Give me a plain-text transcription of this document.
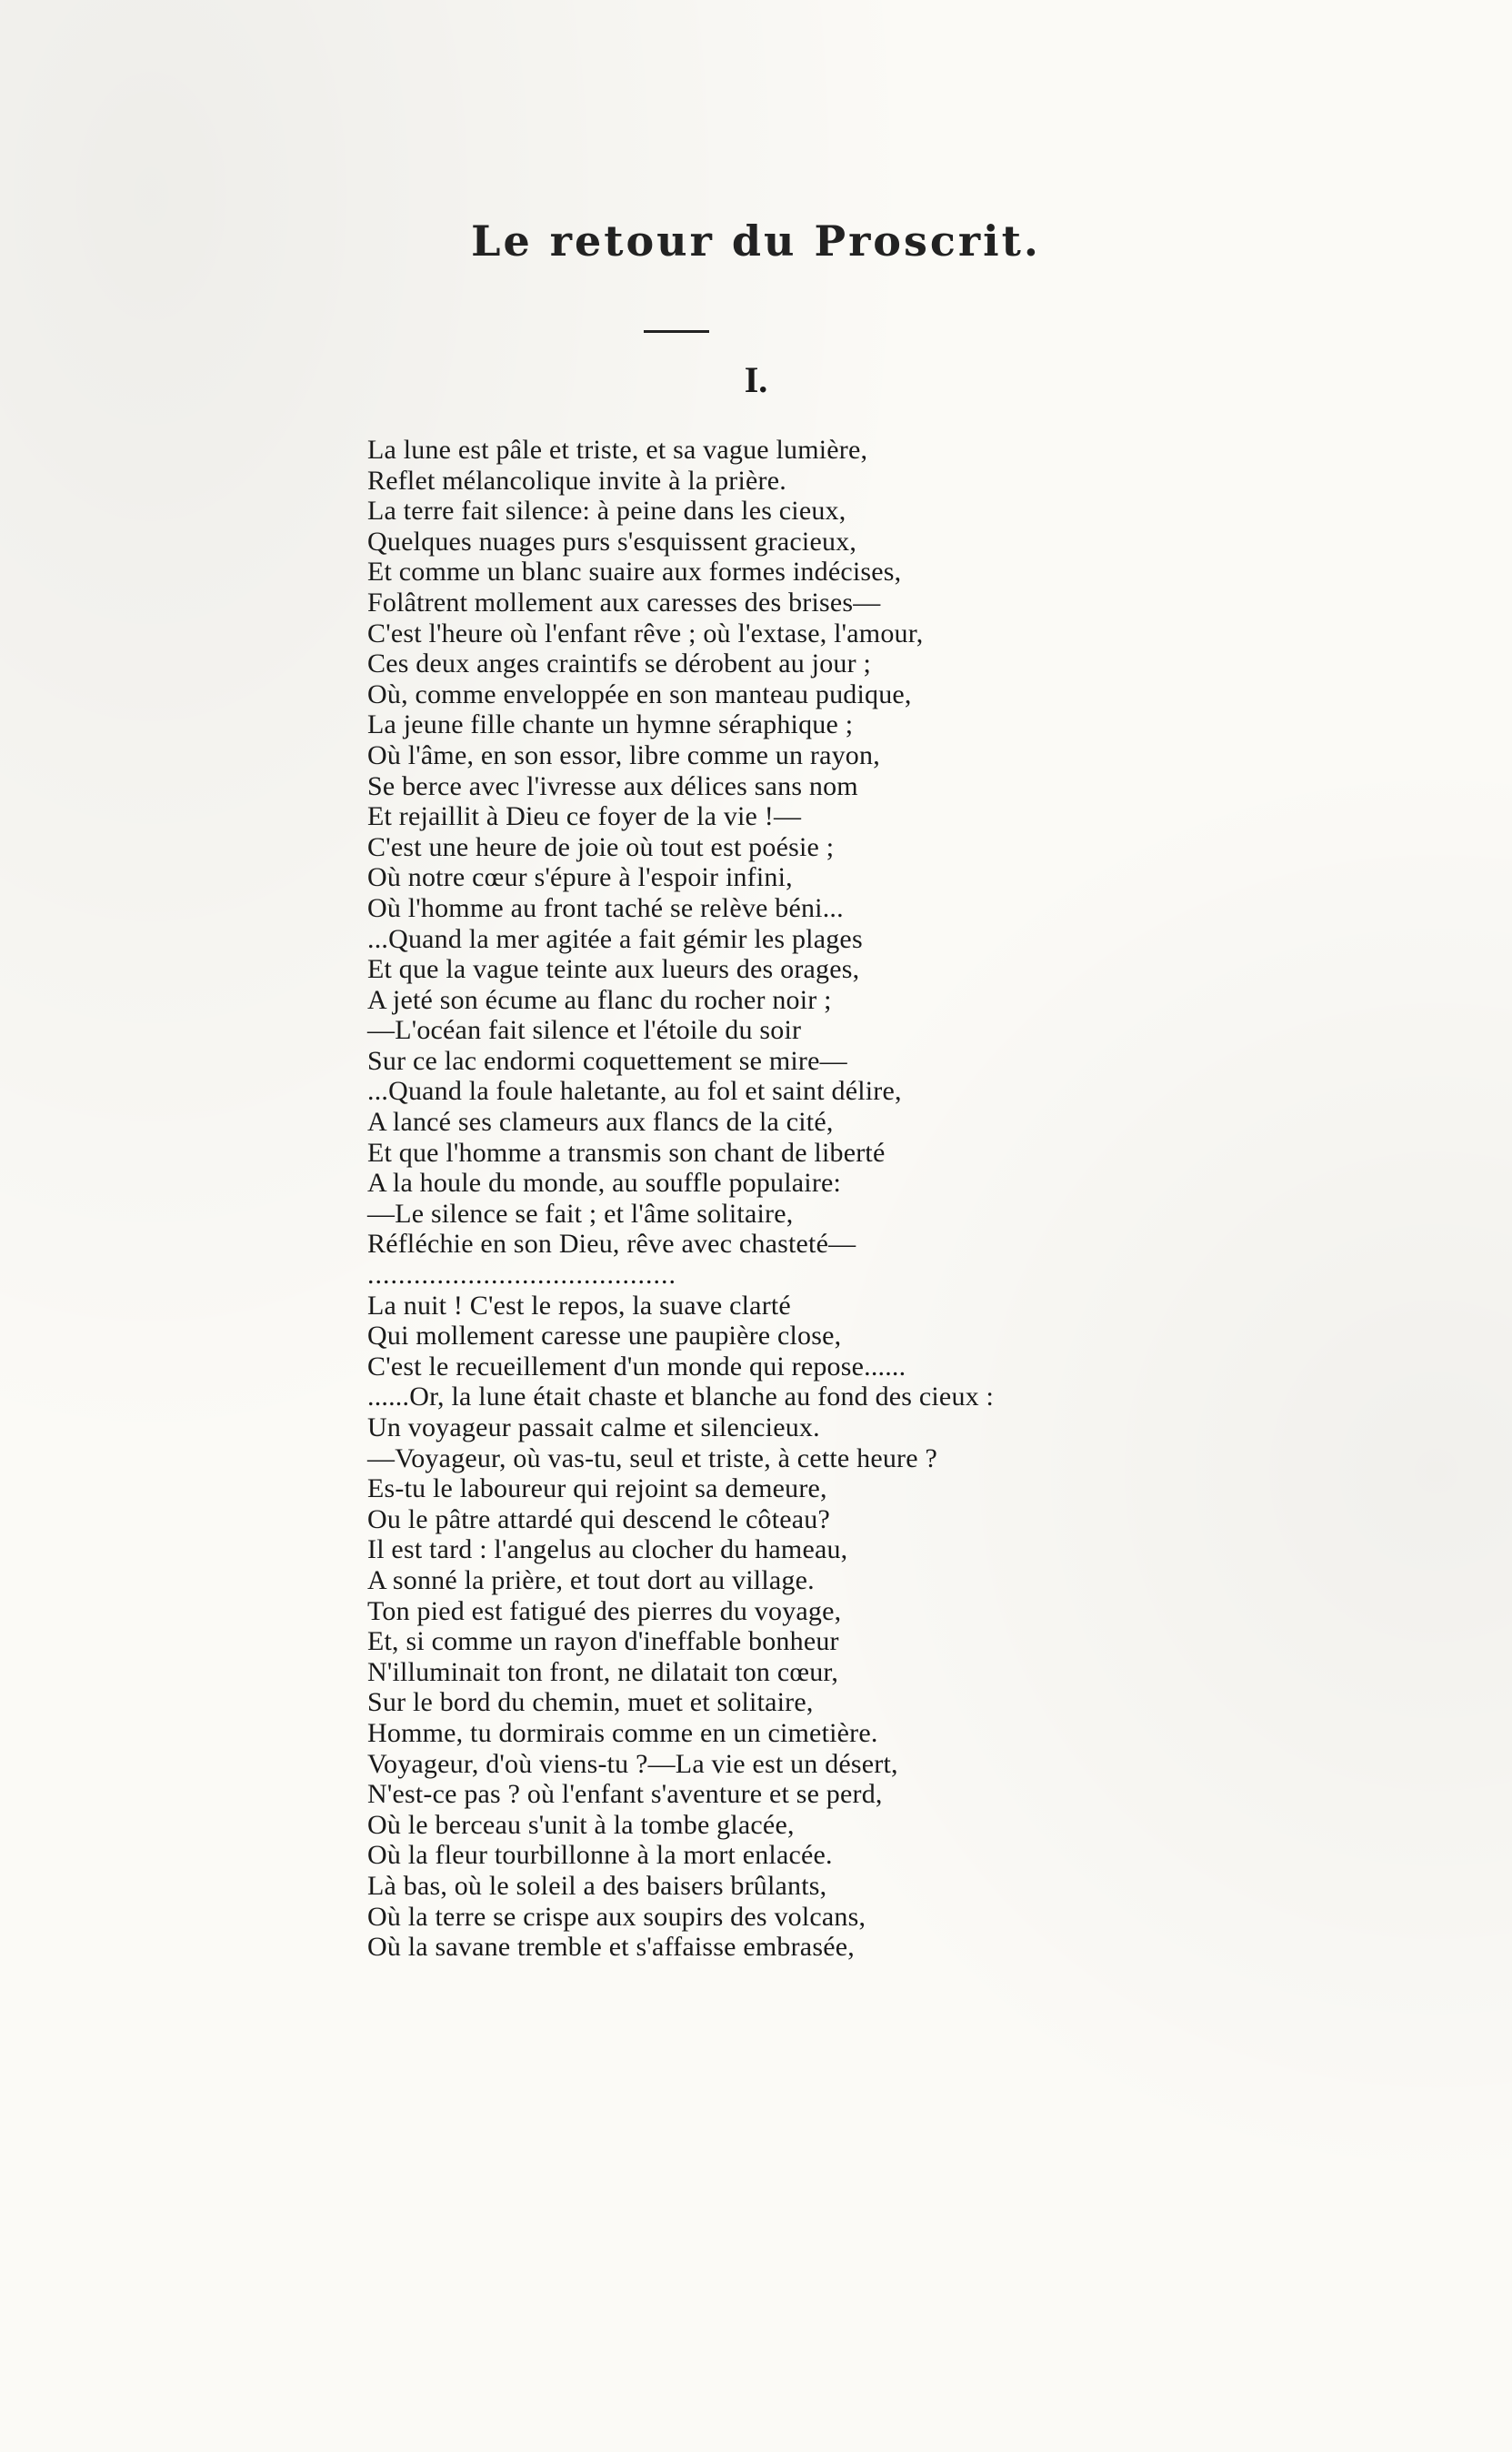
Le retour du Proscrit.
I.
La lune est pâle et triste, et sa vague lumière,
Reflet mélancolique invite à la prière.
La terre fait silence: à peine dans les cieux,
Quelques nuages purs s'esquissent gracieux,
Et comme un blanc suaire aux formes indécises,
Folâtrent mollement aux caresses des brises—
C'est l'heure où l'enfant rêve ; où l'extase, l'amour,
Ces deux anges craintifs se dérobent au jour ;
Où, comme enveloppée en son manteau pudique,
La jeune fille chante un hymne séraphique ;
Où l'âme, en son essor, libre comme un rayon,
Se berce avec l'ivresse aux délices sans nom
Et rejaillit à Dieu ce foyer de la vie !—
C'est une heure de joie où tout est poésie ;
Où notre cœur s'épure à l'espoir infini,
Où l'homme au front taché se relève béni...
...Quand la mer agitée a fait gémir les plages
Et que la vague teinte aux lueurs des orages,
A jeté son écume au flanc du rocher noir ;
—L'océan fait silence et l'étoile du soir
Sur ce lac endormi coquettement se mire—
...Quand la foule haletante, au fol et saint délire,
A lancé ses clameurs aux flancs de la cité,
Et que l'homme a transmis son chant de liberté
A la houle du monde, au souffle populaire:
—Le silence se fait ; et l'âme solitaire,
Réfléchie en son Dieu, rêve avec chasteté—
........................................
La nuit ! C'est le repos, la suave clarté
Qui mollement caresse une paupière close,
C'est le recueillement d'un monde qui repose......
......Or, la lune était chaste et blanche au fond des cieux :
Un voyageur passait calme et silencieux.
—Voyageur, où vas-tu, seul et triste, à cette heure ?
Es-tu le laboureur qui rejoint sa demeure,
Ou le pâtre attardé qui descend le côteau?
Il est tard : l'angelus au clocher du hameau,
A sonné la prière, et tout dort au village.
Ton pied est fatigué des pierres du voyage,
Et, si comme un rayon d'ineffable bonheur
N'illuminait ton front, ne dilatait ton cœur,
Sur le bord du chemin, muet et solitaire,
Homme, tu dormirais comme en un cimetière.
Voyageur, d'où viens-tu ?—La vie est un désert,
N'est-ce pas ? où l'enfant s'aventure et se perd,
Où le berceau s'unit à la tombe glacée,
Où la fleur tourbillonne à la mort enlacée.
Là bas, où le soleil a des baisers brûlants,
Où la terre se crispe aux soupirs des volcans,
Où la savane tremble et s'affaisse embrasée,
